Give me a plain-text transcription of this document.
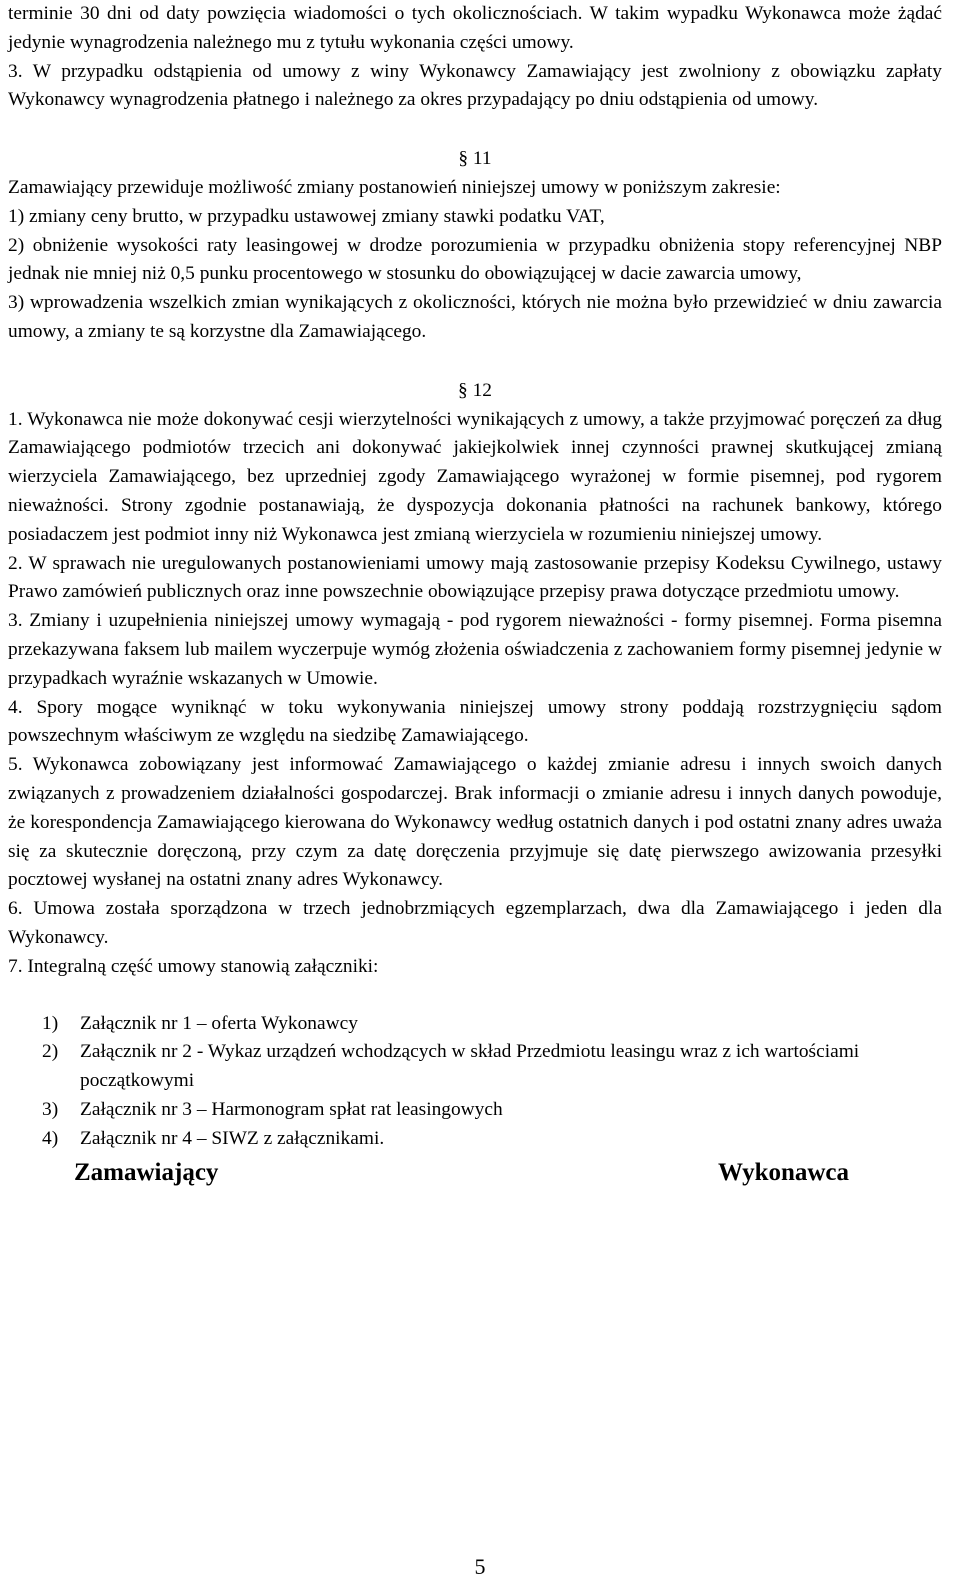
terminie 30 dni od daty powzięcia wiadomości o tych okolicznościach. W takim wypadku Wykonawca może żądać jedynie wynagrodzenia należnego mu z tytułu wykonania części umowy.

3. W przypadku odstąpienia od umowy z winy Wykonawcy Zamawiający jest zwolniony z obowiązku zapłaty Wykonawcy wynagrodzenia płatnego i należnego za okres przypadający po dniu odstąpienia od umowy.

§ 11

Zamawiający przewiduje możliwość zmiany postanowień niniejszej umowy w poniższym zakresie:

1) zmiany ceny brutto, w przypadku ustawowej zmiany stawki podatku VAT,

2) obniżenie wysokości raty leasingowej w drodze porozumienia w przypadku obniżenia stopy referencyjnej NBP jednak nie mniej niż 0,5 punku procentowego w stosunku do obowiązującej w dacie zawarcia umowy,

3) wprowadzenia wszelkich zmian wynikających z okoliczności, których nie można było przewidzieć w dniu zawarcia umowy, a zmiany te są korzystne dla Zamawiającego.

§ 12

1. Wykonawca nie może dokonywać cesji wierzytelności wynikających z umowy, a także przyjmować poręczeń za dług Zamawiającego podmiotów trzecich ani dokonywać jakiejkolwiek innej czynności prawnej skutkującej zmianą wierzyciela Zamawiającego, bez uprzedniej zgody Zamawiającego wyrażonej w formie pisemnej, pod rygorem nieważności. Strony zgodnie postanawiają, że dyspozycja dokonania płatności na rachunek bankowy, którego posiadaczem jest podmiot inny niż Wykonawca jest zmianą wierzyciela w rozumieniu niniejszej umowy.

2. W sprawach nie uregulowanych postanowieniami umowy mają zastosowanie przepisy Kodeksu Cywilnego, ustawy Prawo zamówień publicznych oraz inne powszechnie obowiązujące przepisy prawa dotyczące przedmiotu umowy.

3. Zmiany i uzupełnienia niniejszej umowy wymagają - pod rygorem nieważności - formy pisemnej. Forma pisemna przekazywana faksem lub mailem wyczerpuje wymóg złożenia oświadczenia z zachowaniem formy pisemnej jedynie w przypadkach wyraźnie wskazanych w Umowie.

4. Spory mogące wyniknąć w toku wykonywania niniejszej umowy strony poddają rozstrzygnięciu sądom powszechnym właściwym ze względu na siedzibę Zamawiającego.

5. Wykonawca zobowiązany jest informować Zamawiającego o każdej zmianie adresu i innych swoich danych związanych z prowadzeniem działalności gospodarczej. Brak informacji o zmianie adresu i innych danych powoduje, że korespondencja Zamawiającego kierowana do Wykonawcy według ostatnich danych i pod ostatni znany adres uważa się za skutecznie doręczoną, przy czym za datę doręczenia przyjmuje się datę pierwszego awizowania przesyłki pocztowej wysłanej na ostatni znany adres Wykonawcy.

6. Umowa została sporządzona w trzech jednobrzmiących egzemplarzach, dwa dla Zamawiającego i jeden dla Wykonawcy.

7. Integralną część umowy stanowią załączniki:

1)	Załącznik nr 1 – oferta Wykonawcy
2)	Załącznik nr 2 - Wykaz urządzeń wchodzących w skład Przedmiotu leasingu wraz z ich wartościami początkowymi
3)	Załącznik nr 3 – Harmonogram spłat rat leasingowych
4)	Załącznik nr 4 – SIWZ z załącznikami.
Zamawiający	Wykonawca
5
